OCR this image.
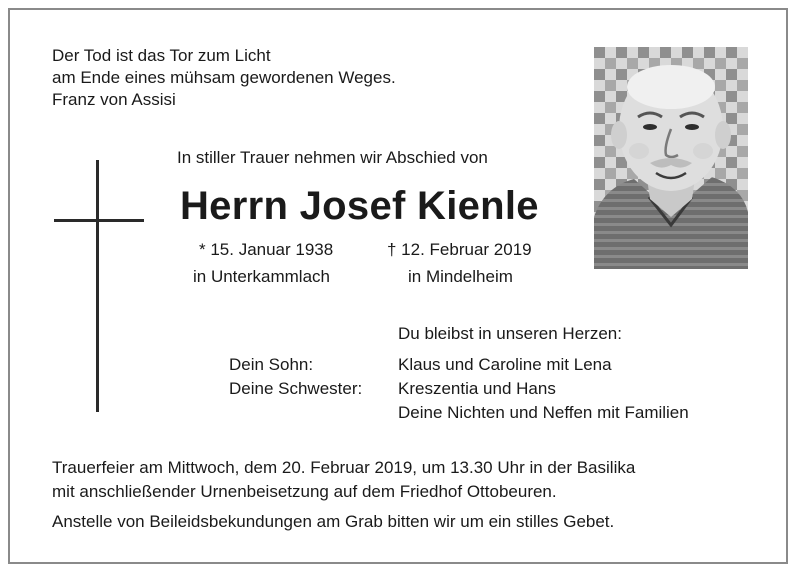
Der Tod ist das Tor zum Licht
am Ende eines mühsam gewordenen Weges.
Franz von Assisi
In stiller Trauer nehmen wir Abschied von
Herrn Josef Kienle
* 15. Januar 1938
in Unterkammlach
† 12. Februar 2019
in Mindelheim
Du bleibst in unseren Herzen:
Dein Sohn:	Klaus und Caroline mit Lena
Deine Schwester: Kreszentia und Hans
Deine Nichten und Neffen mit Familien
Trauerfeier am Mittwoch, dem 20. Februar 2019, um 13.30 Uhr in der Basilika
mit anschließender Urnenbeisetzung auf dem Friedhof Ottobeuren.
Anstelle von Beileidsbekundungen am Grab bitten wir um ein stilles Gebet.
